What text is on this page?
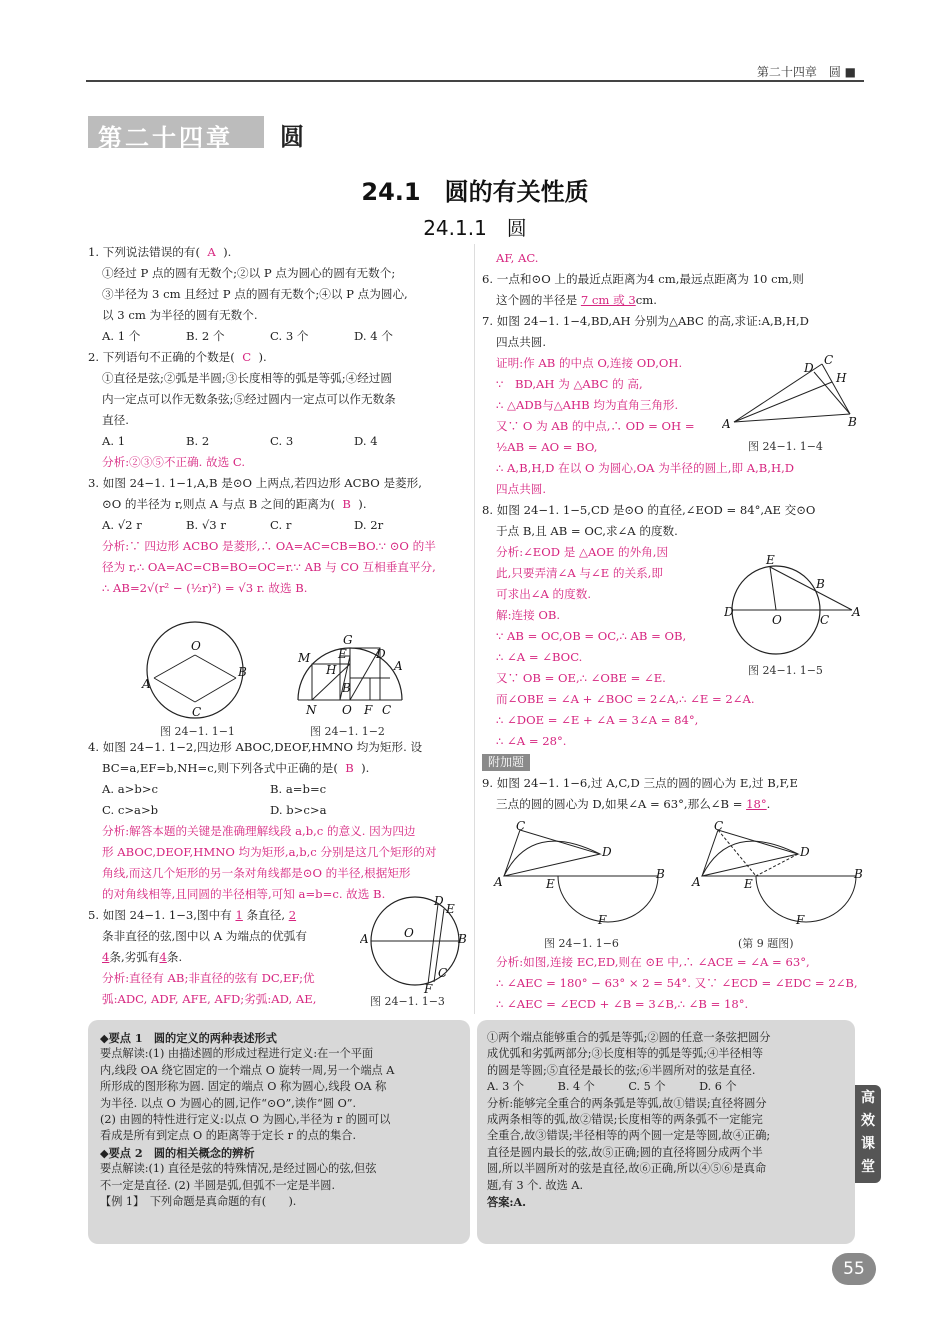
第二十四章　圆 ■
第二十四章 圆
24.1　圆的有关性质
24.1.1　圆

1. 下列说法错误的有( A ).

①经过 P 点的圆有无数个;②以 P 点为圆心的圆有无数个;

③半径为 3 cm 且经过 P 点的圆有无数个;④以 P 点为圆心,

以 3 cm 为半径的圆有无数个.

A. 1 个	B. 2 个	C. 3 个	D. 4 个

2. 下列语句不正确的个数是( C ).

①直径是弦;②弧是半圆;③长度相等的弧是等弧;④经过圆

内一定点可以作无数条弦;⑤经过圆内一定点可以作无数条

直径.

A. 1	B. 2	C. 3	D. 4

分析:②③⑤不正确. 故选 C.

3. 如图 24−1. 1−1,A,B 是⊙O 上两点,若四边形 ACBO 是菱形,

⊙O 的半径为 r,则点 A 与点 B 之间的距离为( B ).

A. √2 r	B. √3 r	C. r	D. 2r

分析:∵ 四边形 ACBO 是菱形,∴ OA=AC=CB=BO.∵ ⊙O 的半

径为 r,∴ OA=AC=CB=BO=OC=r.∵ AB 与 CO 互相垂直平分,

∴ AB=2√(r² − (½r)²) = √3 r. 故选 B.

O
A
B
C
图 24−1. 1−1
G
M E
H
D
A
B
N O F C
图 24−1. 1−2

4. 如图 24−1. 1−2,四边形 ABOC,DEOF,HMNO 均为矩形. 设

BC=a,EF=b,NH=c,则下列各式中正确的是( B ).

A. a>b>c	B. a=b=c

C. c>a>b	D. b>c>a

分析:解答本题的关键是准确理解线段 a,b,c 的意义. 因为四边

形 ABOC,DEOF,HMNO 均为矩形,a,b,c 分别是这几个矩形的对

角线,而这几个矩形的另一条对角线都是⊙O 的半径,根据矩形

的对角线相等,且同圆的半径相等,可知 a=b=c. 故选 B.

5. 如图 24−1. 1−3,图中有 1 条直径, 2

条非直径的弦,图中以 A 为端点的优弧有

4条,劣弧有4条.

分析:直径有 AB;非直径的弦有 DC,EF;优

弧:ADC, ADF, AFE, AFD;劣弧:AD, AE,

D
E
A	O	B
C
F
图 24−1. 1−3

AF, AC.

6. 一点和⊙O 上的最近点距离为4 cm,最远点距离为 10 cm,则

这个圆的半径是 7 cm 或 3cm.

7. 如图 24−1. 1−4,BD,AH 分别为△ABC 的高,求证:A,B,H,D

四点共圆.

证明:作 AB 的中点 O,连接 OD,OH.

∵　BD,AH 为 △ABC 的 高,

∴ △ADB与△AHB 均为直角三角形.

又∵ O 为 AB 的中点,∴ OD = OH =

½AB = AO = BO,

∴ A,B,H,D 在以 O 为圆心,OA 为半径的圆上,即 A,B,H,D

四点共圆.

8. 如图 24−1. 1−5,CD 是⊙O 的直径,∠EOD = 84°,AE 交⊙O

于点 B,且 AB = OC,求∠A 的度数.

分析:∠EOD 是 △AOE 的外角,因

此,只要弄清∠A 与∠E 的关系,即

可求出∠A 的度数.

解:连接 OB.

∵ AB = OC,OB = OC,∴ AB = OB,

∴ ∠A = ∠BOC.

又∵ OB = OE,∴ ∠OBE = ∠E.

而∠OBE = ∠A + ∠BOC = 2∠A,∴ ∠E = 2∠A.

∴ ∠DOE = ∠E + ∠A = 3∠A = 84°,

∴ ∠A = 28°.

附加题

9. 如图 24−1. 1−6,过 A,C,D 三点的圆的圆心为 E,过 B,F,E

三点的圆的圆心为 D,如果∠A = 63°,那么∠B = 18°.

C
D
H
A	B
图 24−1. 1−4
E
B
D
O	C
A
图 24−1. 1−5
C
D
A	E
B
F
图 24−1. 1−6
C
D
A	E
B
F
(第 9 题图)

分析:如图,连接 EC,ED,则在 ⊙E 中,∴ ∠ACE = ∠A = 63°,

∴ ∠AEC = 180° − 63° × 2 = 54°. 又∵ ∠ECD = ∠EDC = 2∠B,

∴ ∠AEC = ∠ECD + ∠B = 3∠B,∴ ∠B = 18°.

◆要点 1　圆的定义的两种表述形式

要点解读:(1) 由描述圆的形成过程进行定义:在一个平面

内,线段 OA 绕它固定的一个端点 O 旋转一周,另一个端点 A

所形成的图形称为圆. 固定的端点 O 称为圆心,线段 OA 称

为半径. 以点 O 为圆心的圆,记作“⊙O”,读作“圆 O”.

(2) 由圆的特性进行定义:以点 O 为圆心,半径为 r 的圆可以

看成是所有到定点 O 的距离等于定长 r 的点的集合.

◆要点 2　圆的相关概念的辨析

要点解读:(1) 直径是弦的特殊情况,是经过圆心的弦,但弦

不一定是直径. (2) 半圆是弧,但弧不一定是半圆.

【例 1】　下列命题是真命题的有(　　).

①两个端点能够重合的弧是等弧;②圆的任意一条弦把圆分

成优弧和劣弧两部分;③长度相等的弧是等弧;④半径相等

的圆是等圆;⑤直径是最长的弦;⑥半圆所对的弦是直径.

A. 3 个　　　B. 4 个　　　C. 5 个　　　D. 6 个

分析:能够完全重合的两条弧是等弧,故①错误;直径将圆分

成两条相等的弧,故②错误;长度相等的两条弧不一定能完

全重合,故③错误;半径相等的两个圆一定是等圆,故④正确;

直径是圆内最长的弦,故⑤正确;圆的直径将圆分成两个半

圆,所以半圆所对的弦是直径,故⑥正确,所以④⑤⑥是真命

题,有 3 个. 故选 A.

答案:A.

高
效
课
堂
55
